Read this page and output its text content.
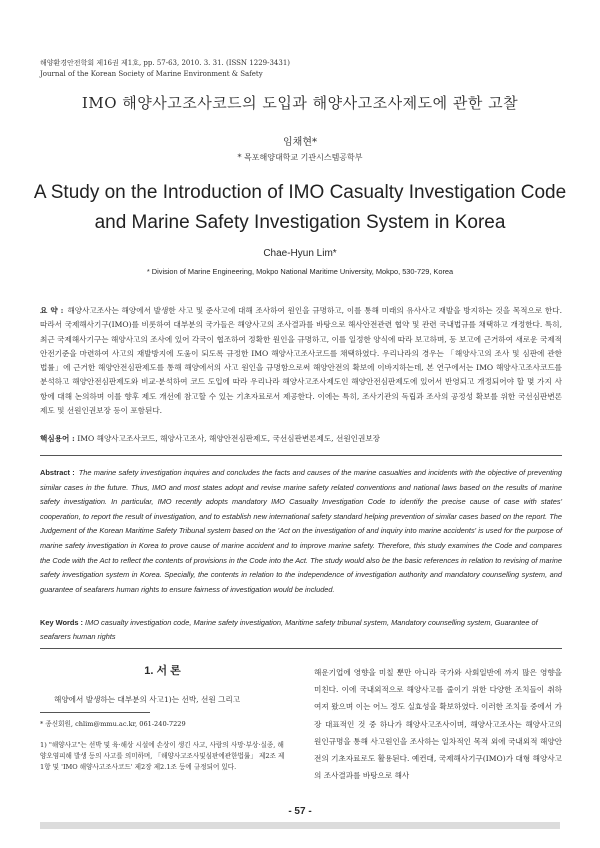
해양환경안전학회 제16권 제1호, pp. 57-63, 2010. 3. 31. (ISSN 1229-3431)
Journal of the Korean Society of Marine Environment & Safety
IMO 해양사고조사코드의 도입과 해양사고조사제도에 관한 고찰
임채현*
* 목포해양대학교 기관시스템공학부
A Study on the Introduction of IMO Casualty Investigation Code and Marine Safety Investigation System in Korea
Chae-Hyun Lim*
* Division of Marine Engineering, Mokpo National Maritime University, Mokpo, 530-729, Korea
요 약 : 해양사고조사는 해양에서 발생한 사고 및 준사고에 대해 조사하여 원인을 규명하고, 이를 통해 미래의 유사사고 재발을 방지하는 것을 목적으로 한다. 따라서 국제해사기구(IMO)를 비롯하여 대부분의 국가들은 해양사고의 조사결과를 바탕으로 해사안전관련 협약 및 관련 국내법규를 채택하고 개정한다. 특히, 최근 국제해사기구는 해양사고의 조사에 있어 각국이 협조하여 정확한 원인을 규명하고, 이를 일정한 양식에 따라 보고하며, 동 보고에 근거하여 새로운 국제적 안전기준을 마련하여 사고의 재발방지에 도움이 되도록 규정한 IMO 해양사고조사코드를 채택하였다. 우리나라의 경우는 「해양사고의 조사 및 심판에 관한 법률」에 근거한 해양안전심판제도를 통해 해양에서의 사고 원인을 규명함으로써 해양안전의 확보에 이바지하는데, 본 연구에서는 IMO 해양사고조사코드를 분석하고 해양안전심판제도와 비교·분석하여 코드 도입에 따라 우리나라 해양사고조사제도인 해양안전심판제도에 있어서 반영되고 개정되어야 할 몇 가지 사항에 대해 논의하며 이를 향후 제도 개선에 참고할 수 있는 기초자료로서 제공한다. 이에는 특히, 조사기관의 독립과 조사의 공정성 확보를 위한 국선심판변론제도 및 선원인권보장 등이 포함된다.
핵심용어 : IMO 해양사고조사코드, 해양사고조사, 해양안전심판제도, 국선심판변론제도, 선원인권보장
Abstract : The marine safety investigation inquires and concludes the facts and causes of the marine casualties and incidents with the objective of preventing similar cases in the future. Thus, IMO and most states adopt and revise marine safety related conventions and national laws based on the results of marine safety investigation. In particular, IMO recently adopts mandatory IMO Casualty Investigation Code to identify the precise cause of case with states' cooperation, to report the result of investigation, and to establish new international safety standard helping prevention of similar cases based on the report. The Judgement of the Korean Maritime Safety Tribunal system based on the 'Act on the investigation of and inquiry into marine accidents' is used for the purpose of marine safety investigation in Korea to prove cause of marine accident and to improve marine safety. Therefore, this study examines the Code and compares the Code with the Act to reflect the contents of provisions in the Code into the Act. The study would also be the basic references in relation to revising of marine safety investigation system in Korea. Specially, the contents in relation to the independence of investigation authority and mandatory counselling system, and guarantee of seafarers human rights to ensure fairness of investigation would be included.
Key Words : IMO casualty investigation code, Marine safety investigation, Maritime safety tribunal system, Mandatory counselling system, Guarantee of seafarers human rights
1. 서 론
해양에서 발생하는 대부분의 사고1)는 선박, 선원 그리고
* 종신회원, chlim@mmu.ac.kr, 061-240-7229
1) "해양사고"는 선박 및 육·해상 시설에 손상이 생긴 사고, 사람의 사망·부상·실종, 해양오염피해 발생 등의 사고를 의미하며, 「해양사고조사및심판에관한법률」 제2조 제1항 및 'IMO 해양사고조사코드' 제2장 제2.1조 등에 규정되어 있다.
해운기업에 영향을 미칠 뿐만 아니라 국가와 사회일반에 까지 많은 영향을 미친다. 이에 국내외적으로 해양사고를 줄이기 위한 다양한 조치들이 취하여져 왔으며 이는 어느 정도 실효성을 확보하였다. 이러한 조치들 중에서 가장 대표적인 것 중 하나가 해양사고조사이며, 해양사고조사는 해양사고의 원인규명을 통해 사고원인을 조사하는 일차적인 목적 외에 국내외적 해양안전의 기초자료로도 활용된다. 예컨대, 국제해사기구(IMO)가 대형 해양사고의 조사결과를 바탕으로 해사
- 57 -
